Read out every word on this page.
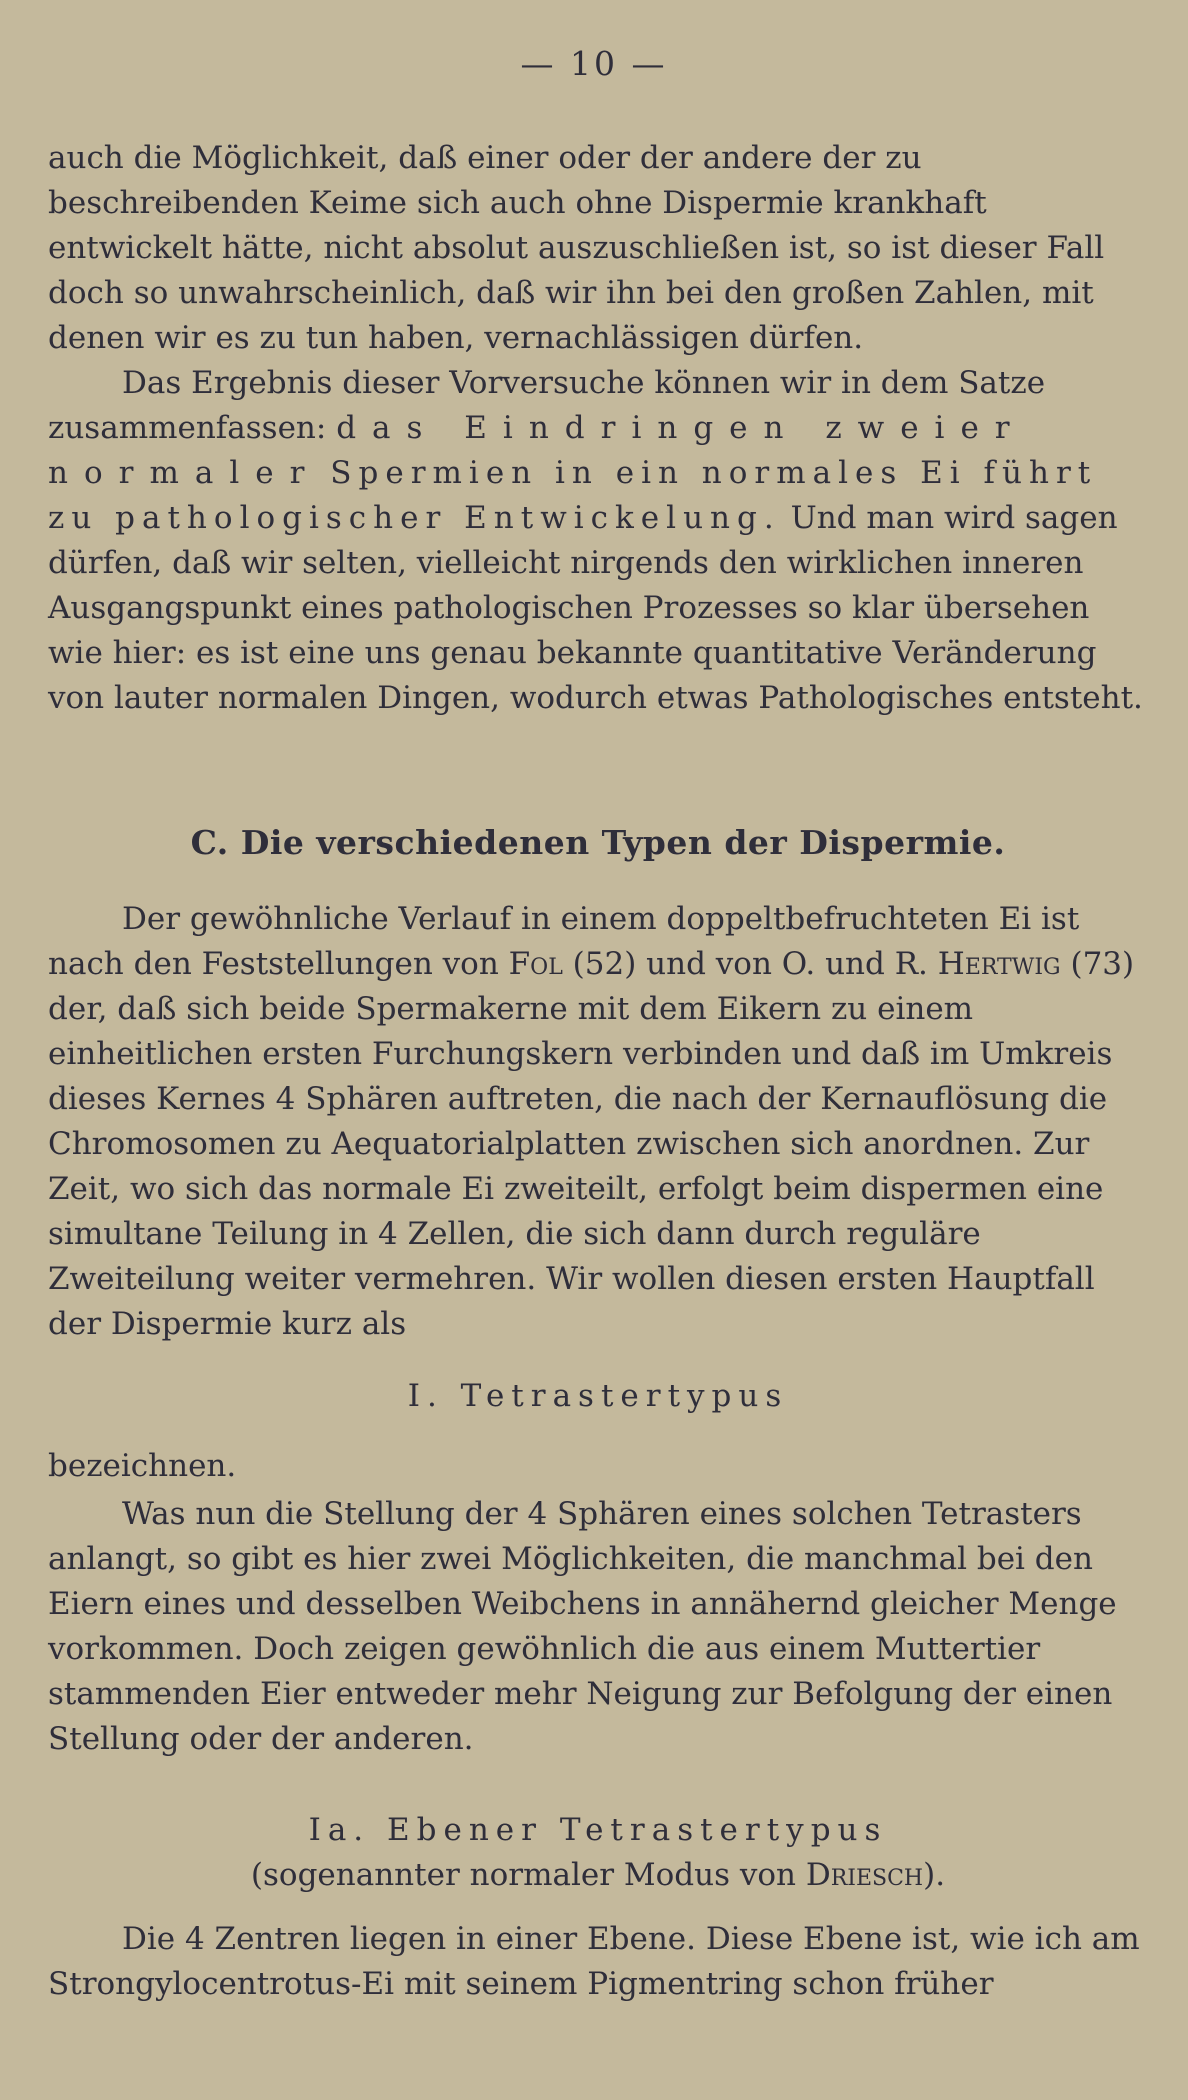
— 10 —

auch die Möglichkeit, daß einer oder der andere der zu beschreibenden Keime sich auch ohne Dispermie krankhaft entwickelt hätte, nicht absolut auszuschließen ist, so ist dieser Fall doch so unwahrscheinlich, daß wir ihn bei den großen Zahlen, mit denen wir es zu tun haben, vernachlässigen dürfen.

Das Ergebnis dieser Vorversuche können wir in dem Satze zusammenfassen: das Eindringen zweier normaler Spermien in ein normales Ei führt zu pathologischer Entwickelung. Und man wird sagen dürfen, daß wir selten, vielleicht nirgends den wirklichen inneren Ausgangspunkt eines pathologischen Prozesses so klar übersehen wie hier: es ist eine uns genau bekannte quantitative Veränderung von lauter normalen Dingen, wodurch etwas Pathologisches entsteht.

C. Die verschiedenen Typen der Dispermie.

Der gewöhnliche Verlauf in einem doppeltbefruchteten Ei ist nach den Feststellungen von Fol (52) und von O. und R. Hertwig (73) der, daß sich beide Spermakerne mit dem Eikern zu einem einheitlichen ersten Furchungskern verbinden und daß im Umkreis dieses Kernes 4 Sphären auftreten, die nach der Kernauflösung die Chromosomen zu Aequatorialplatten zwischen sich anordnen. Zur Zeit, wo sich das normale Ei zweiteilt, erfolgt beim dispermen eine simultane Teilung in 4 Zellen, die sich dann durch reguläre Zweiteilung weiter vermehren. Wir wollen diesen ersten Hauptfall der Dispermie kurz als

I. Tetrastertypus
bezeichnen.

Was nun die Stellung der 4 Sphären eines solchen Tetrasters anlangt, so gibt es hier zwei Möglichkeiten, die manchmal bei den Eiern eines und desselben Weibchens in annähernd gleicher Menge vorkommen. Doch zeigen gewöhnlich die aus einem Muttertier stammenden Eier entweder mehr Neigung zur Befolgung der einen Stellung oder der anderen.

Ia. Ebener Tetrastertypus
(sogenannter normaler Modus von Driesch).

Die 4 Zentren liegen in einer Ebene. Diese Ebene ist, wie ich am Strongylocentrotus-Ei mit seinem Pigmentring schon früher
